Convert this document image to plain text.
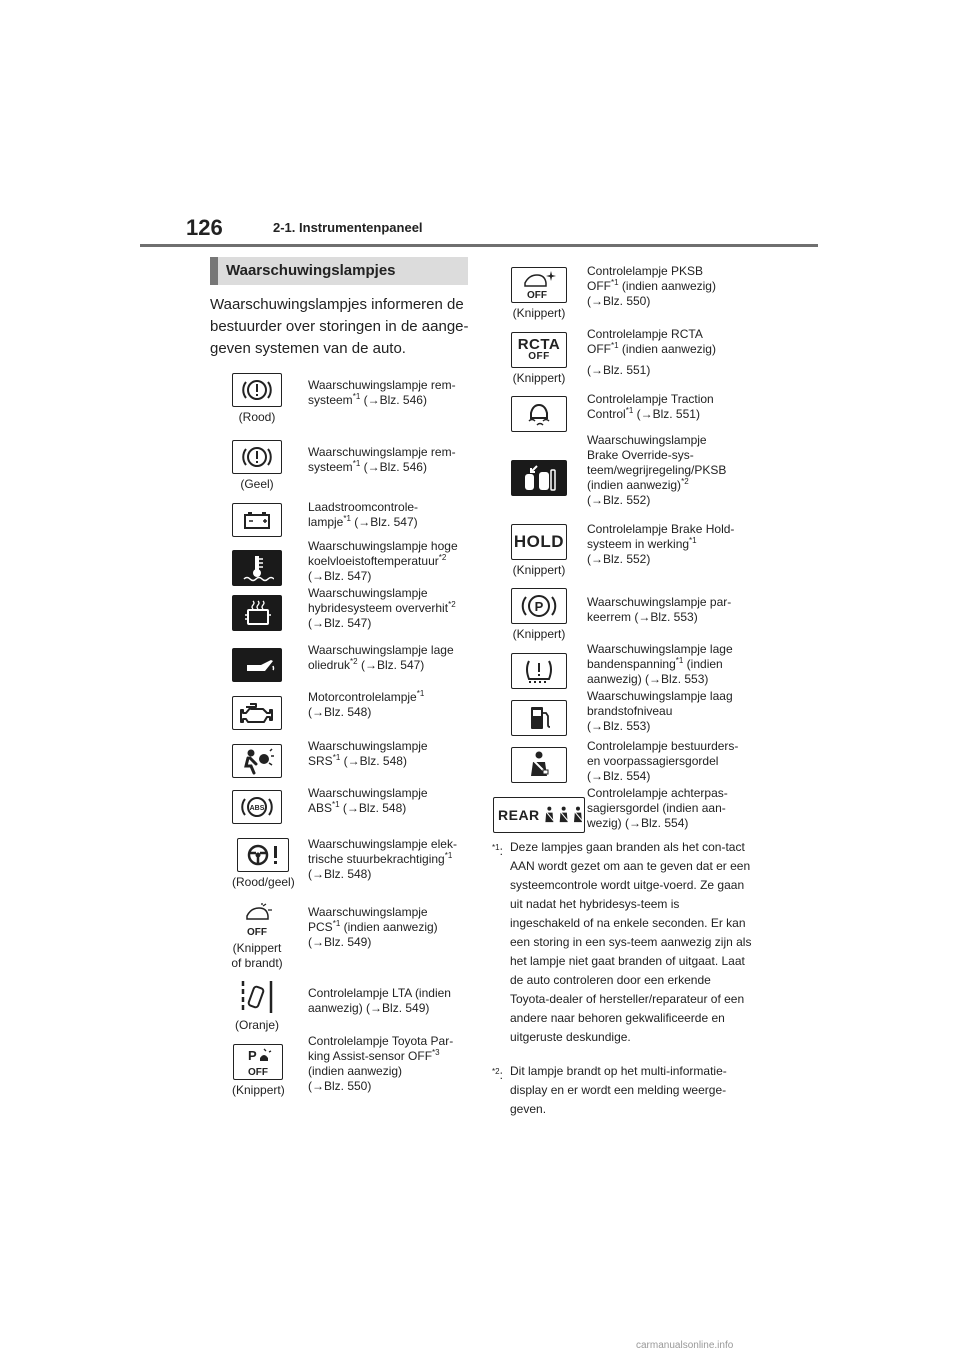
126	2-1. Instrumentenpaneel
Waarschuwingslampjes
Waarschuwingslampjes informeren de bestuurder over storingen in de aange-geven systemen van de auto.
(Rood)
Waarschuwingslampje rem-
systeem$^{*1}$ (→Blz. 546)
(Geel)
Waarschuwingslampje rem-
systeem$^{*1}$ (→Blz. 546)
Laadstroomcontrole-
lampje$^{*1}$ (→Blz. 547)
Waarschuwingslampje hoge
koelvloeistoftemperatuur$^{*2}$
(→Blz. 547)
Waarschuwingslampje
hybridesysteem oververhit$^{*2}$ (→Blz. 547)
Waarschuwingslampje lage
oliedruk$^{*2}$ (→Blz. 547)
Motorcontrolelampje$^{*1}$
(→Blz. 548)
Waarschuwingslampje
SRS$^{*1}$ (→Blz. 548)
ABS
Waarschuwingslampje
ABS$^{*1}$ (→Blz. 548)
(Rood/geel)
Waarschuwingslampje elek-
trische stuurbekrachtiging$^{*1}$
(→Blz. 548)
OFF
(Knippert of brandt)
Waarschuwingslampje
PCS$^{*1}$ (indien aanwezig)
(→Blz. 549)
(Oranje)
Controlelampje LTA (indien
aanwezig) (→Blz. 549)
P
OFF
(Knippert)
Controlelampje Toyota Par-
king Assist-sensor OFF$^{*3}$
(indien aanwezig)
(→Blz. 550)
OFF
(Knippert)
Controlelampje PKSB
OFF$^{*1}$ (indien aanwezig)
(→Blz. 550)
RCTA
OFF
(Knippert)
Controlelampje RCTA
OFF$^{*1}$ (indien aanwezig)
(→Blz. 551)
Controlelampje Traction
Control$^{*1}$ (→Blz. 551)
Waarschuwingslampje
Brake Override-sys-
teem/wegrijregeling/PKSB
(indien aanwezig)$^{*2}$
(→Blz. 552)
HOLD
(Knippert)
Controlelampje Brake Hold-
systeem in werking$^{*1}$
(→Blz. 552)
P
(Knippert)
Waarschuwingslampje par-
keerrem (→Blz. 553)
Waarschuwingslampje lage
bandenspanning$^{*1}$ (indien
aanwezig) (→Blz. 553)
Waarschuwingslampje laag
brandstofniveau
(→Blz. 553)
Controlelampje bestuurders-
en voorpassagiersgordel
(→Blz. 554)
REAR
Controlelampje achterpas-
sagiersgordel (indien aan-
wezig) (→Blz. 554)
$^{*1}$: Deze lampjes gaan branden als het con-tact AAN wordt gezet om aan te geven dat er een systeemcontrole wordt uitge-voerd. Ze gaan uit nadat het hybridesys-teem is ingeschakeld of na enkele seconden. Er kan een storing in een sys-teem aanwezig zijn als het lampje niet gaat branden of uitgaat. Laat de auto controleren door een erkende Toyota-dealer of hersteller/reparateur of een andere naar behoren gekwalificeerde en uitgeruste deskundige.
$^{*2}$: Dit lampje brandt op het multi-informatie-display en er wordt een melding weerge-geven.
carmanualsonline.info
